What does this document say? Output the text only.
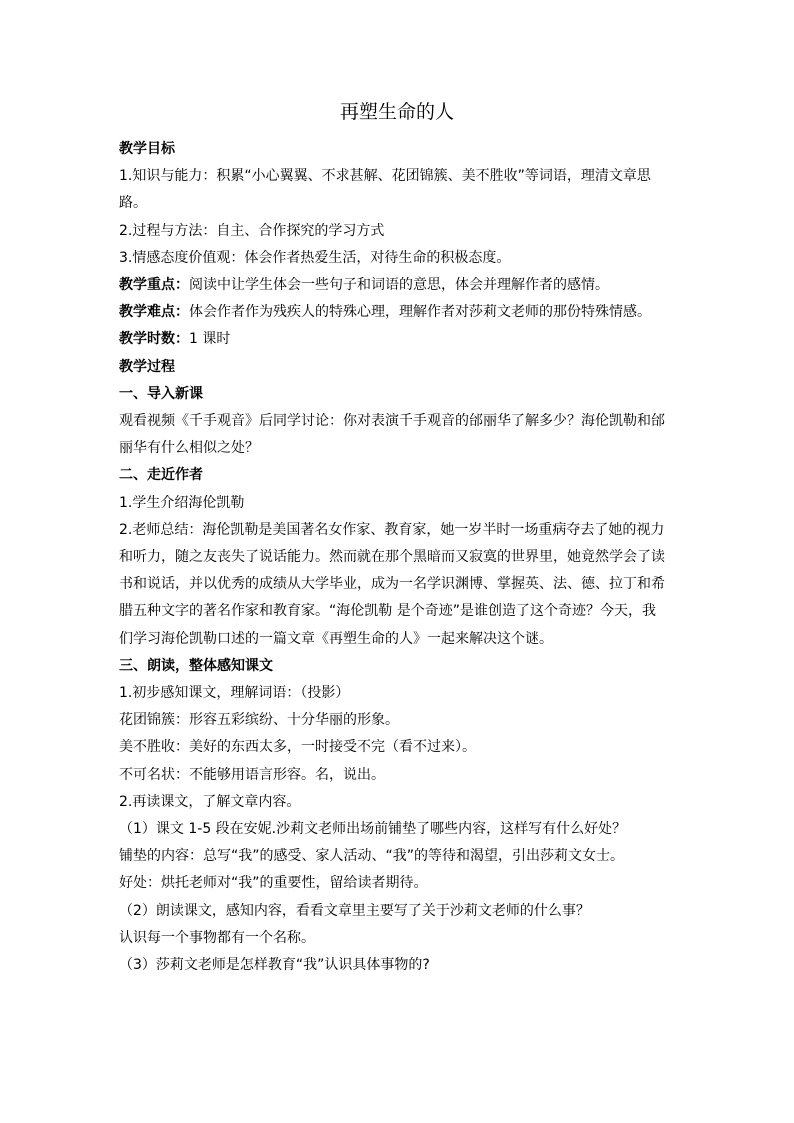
再塑生命的人
教学目标
1.知识与能力：积累“小心翼翼、不求甚解、花团锦簇、美不胜收”等词语，理清文章思
路。
2.过程与方法：自主、合作探究的学习方式
3.情感态度价值观：体会作者热爱生活，对待生命的积极态度。
教学重点：阅读中让学生体会一些句子和词语的意思，体会并理解作者的感情。
教学难点：体会作者作为残疾人的特殊心理，理解作者对莎莉文老师的那份特殊情感。
教学时数：1 课时
教学过程
一、导入新课
观看视频《千手观音》后同学讨论：你对表演千手观音的邰丽华了解多少？海伦凯勒和邰
丽华有什么相似之处？
二、走近作者
1.学生介绍海伦凯勒
2.老师总结：海伦凯勒是美国著名女作家、教育家，她一岁半时一场重病夺去了她的视力
和听力，随之友丧失了说话能力。然而就在那个黑暗而又寂寞的世界里，她竟然学会了读
书和说话，并以优秀的成绩从大学毕业，成为一名学识渊博、掌握英、法、德、拉丁和希
腊五种文字的著名作家和教育家。“海伦凯勒 是个奇迹”是谁创造了这个奇迹？今天，我
们学习海伦凯勒口述的一篇文章《再塑生命的人》一起来解决这个谜。
三、朗读，整体感知课文
1.初步感知课文，理解词语：（投影）
花团锦簇：形容五彩缤纷、十分华丽的形象。
美不胜收：美好的东西太多，一时接受不完（看不过来）。
不可名状：不能够用语言形容。名，说出。
2.再读课文，了解文章内容。
（1）课文 1-5 段在安妮.沙莉文老师出场前铺垫了哪些内容，这样写有什么好处？
铺垫的内容：总写“我”的感受、家人活动、“我”的等待和渴望，引出莎莉文女士。
好处：烘托老师对“我”的重要性，留给读者期待。
（2）朗读课文，感知内容，看看文章里主要写了关于沙莉文老师的什么事？
认识每一个事物都有一个名称。
（3）莎莉文老师是怎样教育“我”认识具体事物的?
